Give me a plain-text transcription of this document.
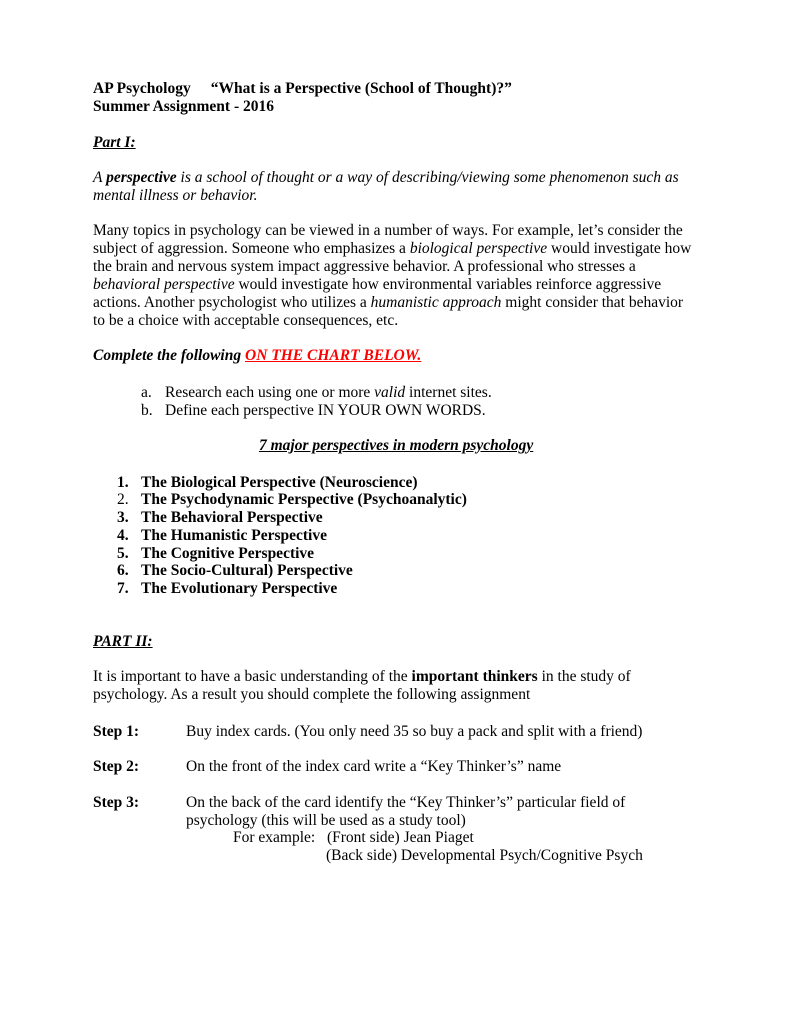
AP Psychology “What is a Perspective (School of Thought)?”
Summer Assignment - 2016
Part I:
A perspective is a school of thought or a way of describing/viewing some phenomenon such as
mental illness or behavior.
Many topics in psychology can be viewed in a number of ways. For example, let’s consider the
subject of aggression. Someone who emphasizes a biological perspective would investigate how
the brain and nervous system impact aggressive behavior. A professional who stresses a
behavioral perspective would investigate how environmental variables reinforce aggressive
actions. Another psychologist who utilizes a humanistic approach might consider that behavior
to be a choice with acceptable consequences, etc.
Complete the following ON THE CHART BELOW.
a. Research each using one or more valid internet sites.
b. Define each perspective IN YOUR OWN WORDS.
7 major perspectives in modern psychology
1. The Biological Perspective (Neuroscience)
2. The Psychodynamic Perspective (Psychoanalytic)
3. The Behavioral Perspective
4. The Humanistic Perspective
5. The Cognitive Perspective
6. The Socio-Cultural) Perspective
7. The Evolutionary Perspective
PART II:
It is important to have a basic understanding of the important thinkers in the study of
psychology. As a result you should complete the following assignment
Step 1:	Buy index cards. (You only need 35 so buy a pack and split with a friend)
Step 2:	On the front of the index card write a “Key Thinker’s” name
Step 3:	On the back of the card identify the “Key Thinker’s” particular field of
psychology (this will be used as a study tool)
For example: (Front side) Jean Piaget
(Back side) Developmental Psych/Cognitive Psych
